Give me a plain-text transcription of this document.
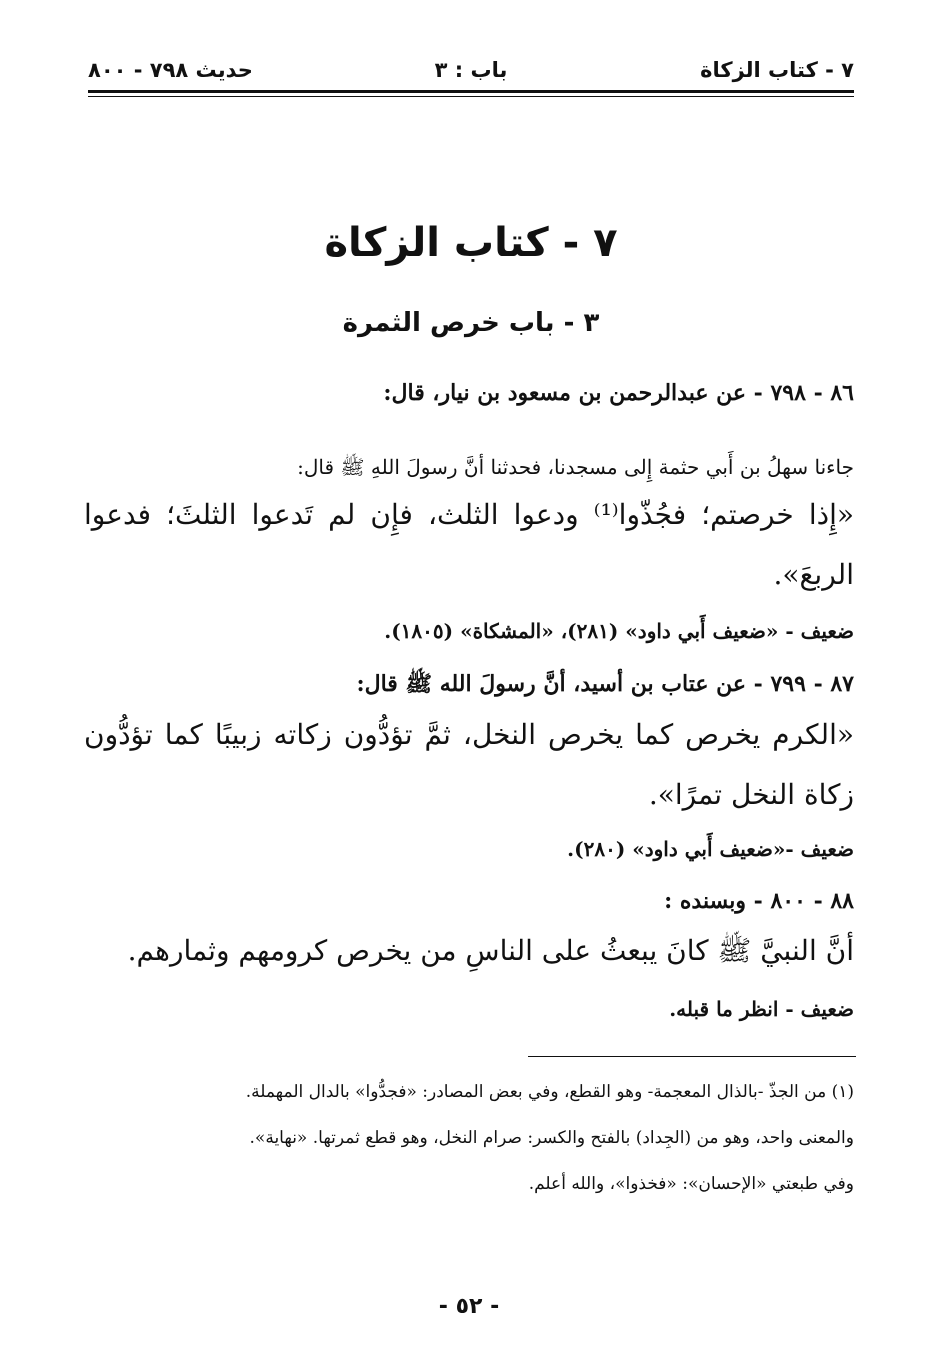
٧ - كتاب الزكاة
باب : ٣
حديث ٧٩٨ - ٨٠٠
٧ - كتاب الزكاة
٣ - باب خرص الثمرة
٨٦ - ٧٩٨ - عن عبدالرحمن بن مسعود بن نيار، قال:
جاءنا سهلُ بن أَبي حثمة إِلى مسجدنا، فحدثنا أنَّ رسولَ اللهِ ﷺ قال:
«إِذا خرصتم؛ فجُذّوا⁽¹⁾ ودعوا الثلث، فإِن لم تَدعوا الثلثَ؛ فدعوا
الربعَ».
ضعيف - «ضعيف أَبي داود» (٢٨١)، «المشكاة» (١٨٠٥).
٨٧ - ٧٩٩ - عن عتاب بن أسيد، أنَّ رسولَ الله ﷺ قال:
«الكرم يخرص كما يخرص النخل، ثمَّ تؤدُّون زكاته زبيبًا كما تؤدُّون
زكاة النخل تمرًا».
ضعيف -«ضعيف أَبي داود» (٢٨٠).
٨٨ - ٨٠٠ - وبسنده :
أنَّ النبيَّ ﷺ كانَ يبعثُ على الناسِ من يخرص كرومهم وثمارهم.
ضعيف - انظر ما قبله.
(١) من الجذّ -بالذال المعجمة- وهو القطع، وفي بعض المصادر: «فجدُّوا» بالدال المهملة.
والمعنى واحد، وهو من (الجِداد) بالفتح والكسر: صرام النخل، وهو قطع ثمرتها. «نهاية».
وفي طبعتي «الإحسان»: «فخذوا»، والله أعلم.
- ٥٢ -
